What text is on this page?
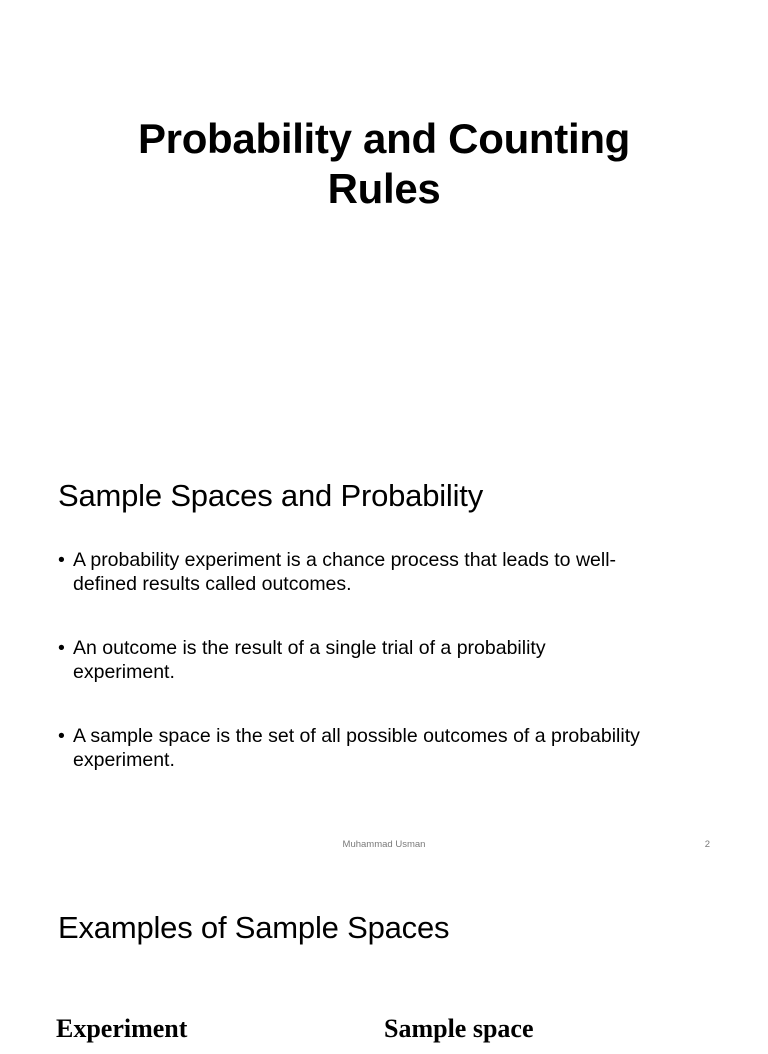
Probability and Counting
Rules
Sample Spaces and Probability
• A probability experiment is a chance process that leads to well-
defined results called outcomes.
• An outcome is the result of a single trial of a probability
experiment.
• A sample space is the set of all possible outcomes of a probability
experiment.

Muhammad Usman	2

Examples of Sample Spaces
Experiment	Sample space
